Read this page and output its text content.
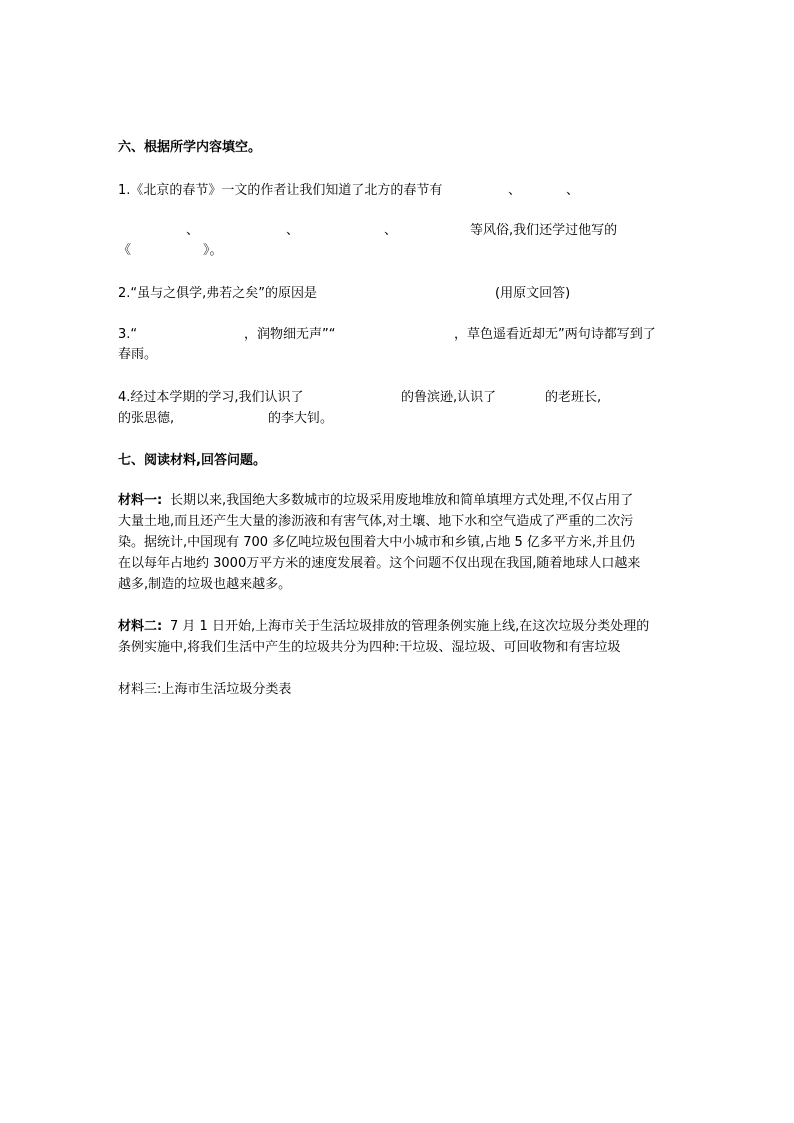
六、根据所学内容填空。
1.《北京的春节》一文的作者让我们知道了北方的春节有	、	、
、	、	、	等风俗,我们还学过他写的
《	》。
2.“虽与之俱学,弗若之矣”的原因是	(用原文回答)
3.“	，润物细无声”“	，草色遥看近却无”两句诗都写到了
春雨。
4.经过本学期的学习,我们认识了	的鲁滨逊,认识了	的老班长,
的张思德,	的李大钊。
七、阅读材料,回答问题。
材料一: 长期以来,我国绝大多数城市的垃圾采用废地堆放和简单填埋方式处理,不仅占用了
大量土地,而且还产生大量的渗沥液和有害气体,对土壤、地下水和空气造成了严重的二次污
染。据统计,中国现有 700 多亿吨垃圾包围着大中小城市和乡镇,占地 5 亿多平方米,并且仍
在以每年占地约 3000万平方米的速度发展着。这个问题不仅出现在我国,随着地球人口越来
越多,制造的垃圾也越来越多。
材料二: 7 月 1 日开始,上海市关于生活垃圾排放的管理条例实施上线,在这次垃圾分类处理的
条例实施中,将我们生活中产生的垃圾共分为四种:干垃圾、湿垃圾、可回收物和有害垃圾
材料三:上海市生活垃圾分类表
